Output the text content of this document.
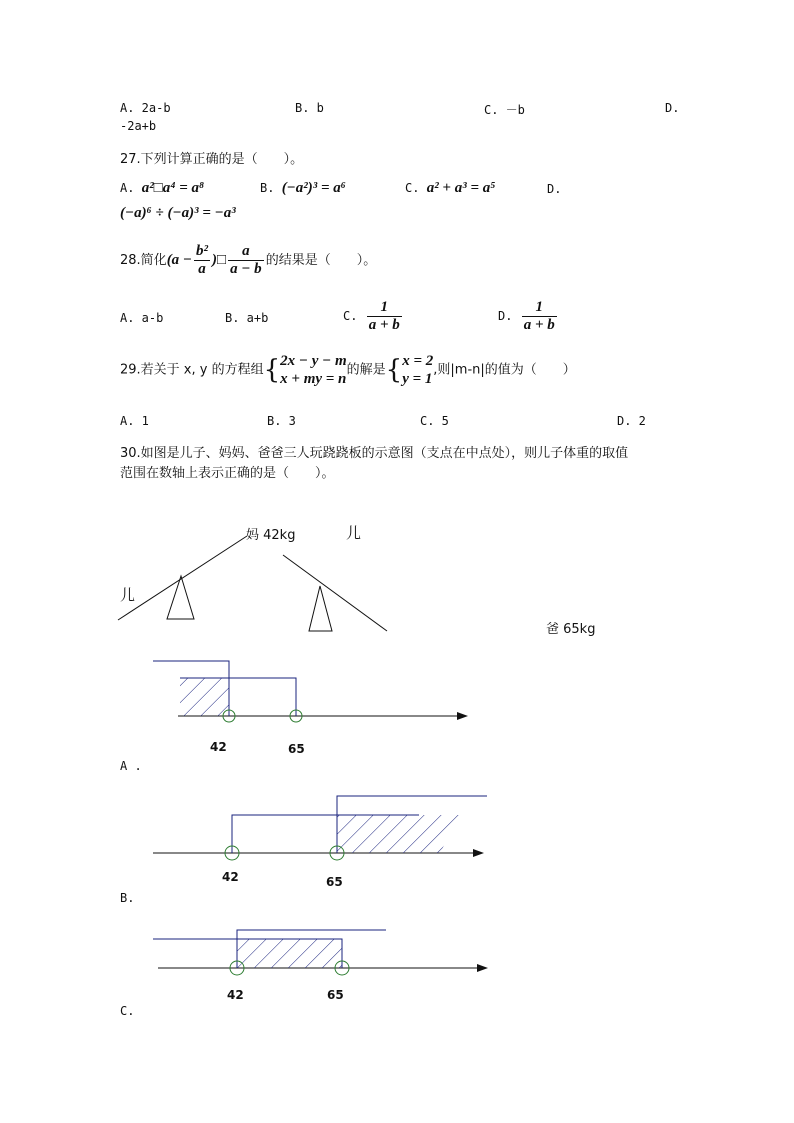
A. 2a-b	B. b	C. －b	D.
-2a+b
27.下列计算正确的是（　　）。
A. a²□a⁴ = a⁸	B. (−a²)³ = a⁶	C. a² + a³ = a⁵	D.
(−a)⁶ ÷ (−a)³ = −a³
28.简化($a - \frac{\text{b²}}{a}$ )□ $\frac{a}{a - b}$ 的结果是（　　）。
A. a-b	B. a+b	C. $\frac{1}{a + b}$	D. $\frac{1}{a + b}$
29.若关于 x, y 的方程组{ 2x − y − m
x + my = n
的解是{ x = 2
y = 1
,则|m-n|的值为（　　）
A. 1	B. 3	C. 5	D. 2
30.如图是儿子、妈妈、爸爸三人玩跷跷板的示意图（支点在中点处），则儿子体重的取值
范围在数轴上表示正确的是（　　）。
妈 42kg	儿
儿
爸 65kg
42	65
A .
42	65
B.
42	65
C.
